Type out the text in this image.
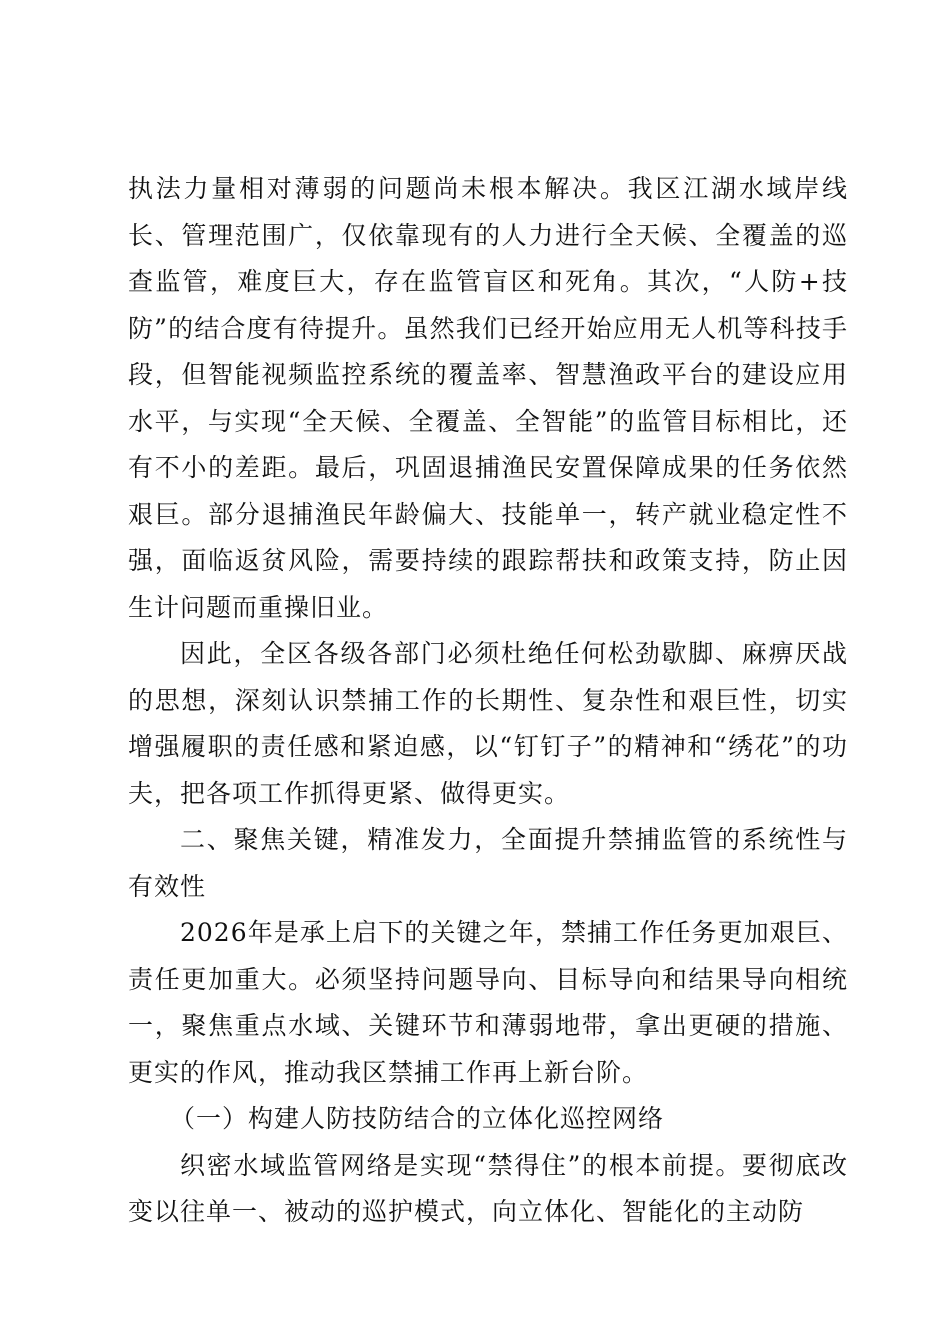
执法力量相对薄弱的问题尚未根本解决。我区江湖水域岸线长、管理范围广，仅依靠现有的人力进行全天候、全覆盖的巡查监管，难度巨大，存在监管盲区和死角。其次，“人防+技防”的结合度有待提升。虽然我们已经开始应用无人机等科技手段，但智能视频监控系统的覆盖率、智慧渔政平台的建设应用水平，与实现“全天候、全覆盖、全智能”的监管目标相比，还有不小的差距。最后，巩固退捕渔民安置保障成果的任务依然艰巨。部分退捕渔民年龄偏大、技能单一，转产就业稳定性不强，面临返贫风险，需要持续的跟踪帮扶和政策支持，防止因生计问题而重操旧业。

因此，全区各级各部门必须杜绝任何松劲歇脚、麻痹厌战的思想，深刻认识禁捕工作的长期性、复杂性和艰巨性，切实增强履职的责任感和紧迫感，以“钉钉子”的精神和“绣花”的功夫，把各项工作抓得更紧、做得更实。

二、聚焦关键，精准发力，全面提升禁捕监管的系统性与有效性

2026年是承上启下的关键之年，禁捕工作任务更加艰巨、责任更加重大。必须坚持问题导向、目标导向和结果导向相统一，聚焦重点水域、关键环节和薄弱地带，拿出更硬的措施、更实的作风，推动我区禁捕工作再上新台阶。

（一）构建人防技防结合的立体化巡控网络

织密水域监管网络是实现“禁得住”的根本前提。要彻底改变以往单一、被动的巡护模式，向立体化、智能化的主动防
